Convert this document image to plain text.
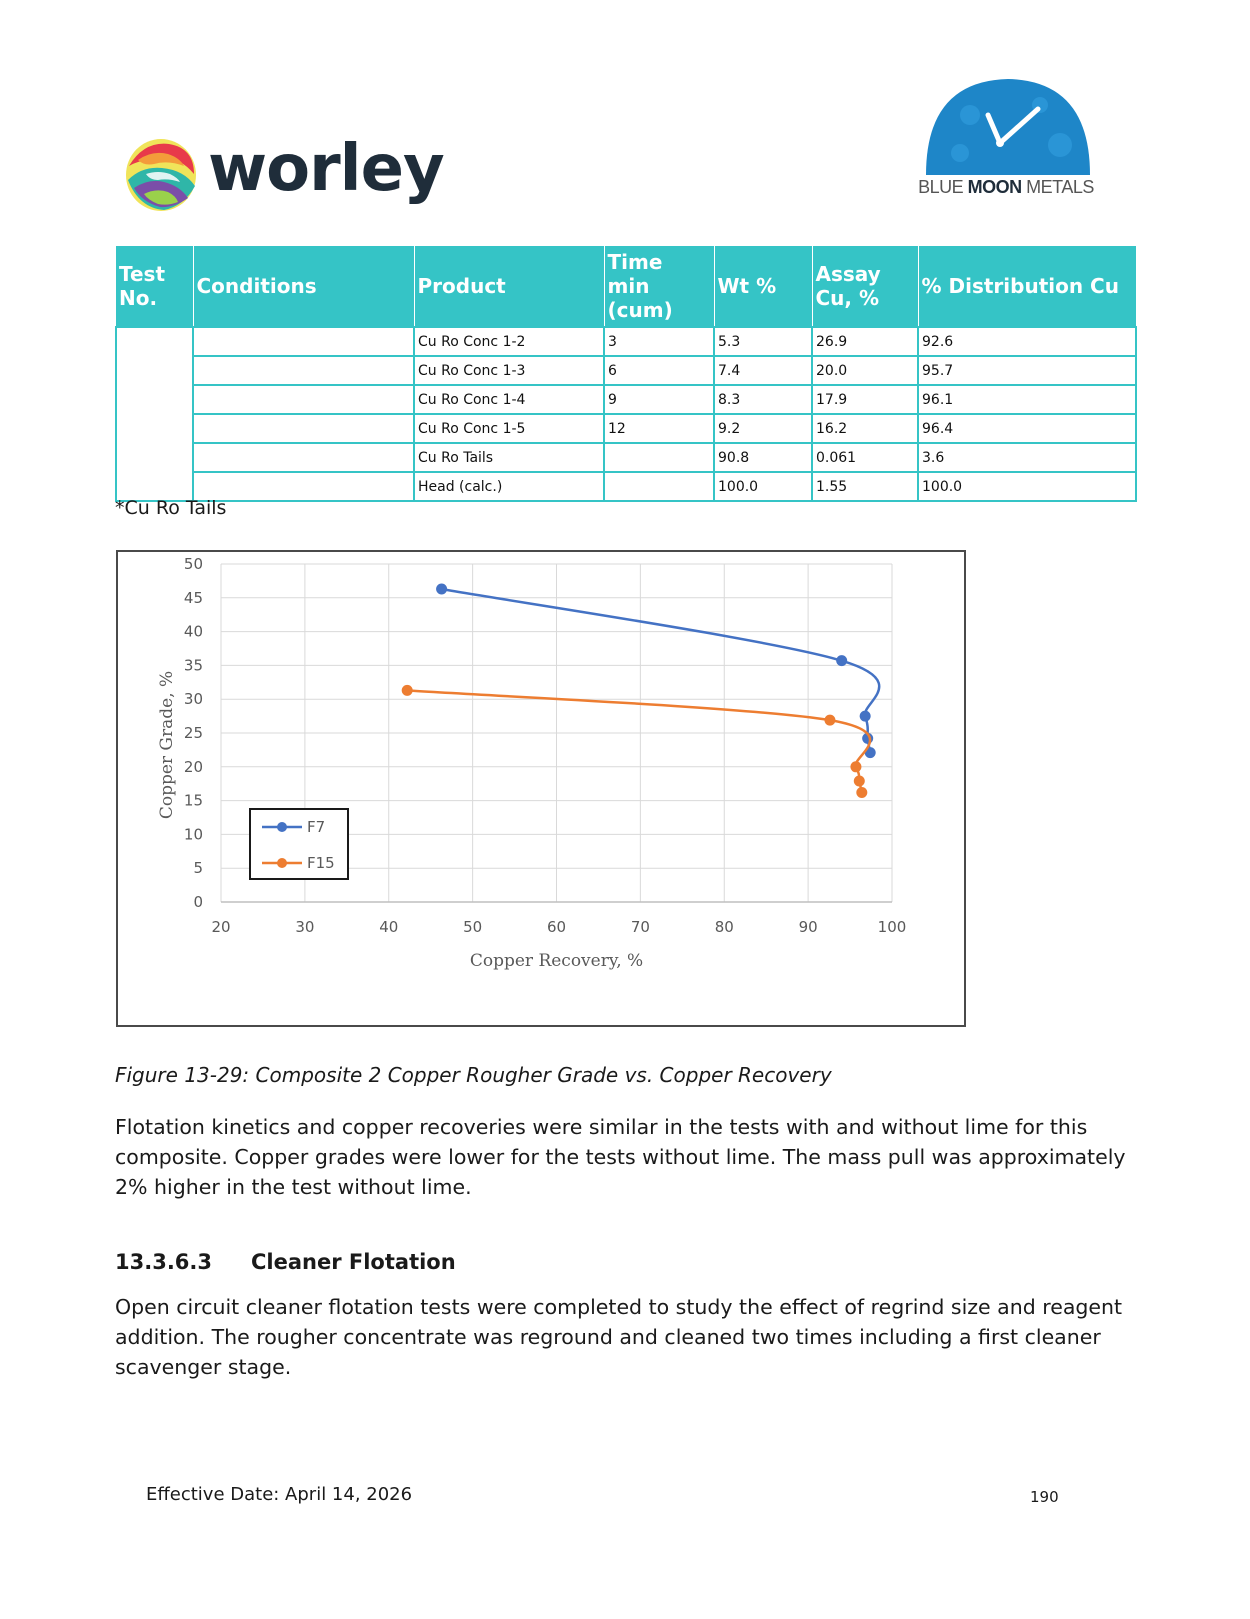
worley	BLUE MOON METALS
Test No.	Conditions	Product	Time min (cum)	Wt %	Assay Cu, %	% Distribution Cu
		Cu Ro Conc 1-2	3	5.3	26.9	92.6
		Cu Ro Conc 1-3	6	7.4	20.0	95.7
		Cu Ro Conc 1-4	9	8.3	17.9	96.1
		Cu Ro Conc 1-5	12	9.2	16.2	96.4
		Cu Ro Tails		90.8	0.061	3.6
		Head (calc.)		100.0	1.55	100.0
*Cu Ro Tails
20	30	40	50	60	70	80	90	100
0
5
10
15
20
25
30
35
40
45
50
Copper Recovery, %
Copper Grade, %
F7
F15
Figure 13-29: Composite 2 Copper Rougher Grade vs. Copper Recovery
Flotation kinetics and copper recoveries were similar in the tests with and without lime for this composite. Copper grades were lower for the tests without lime. The mass pull was approximately 2% higher in the test without lime.
13.3.6.3 Cleaner Flotation
Open circuit cleaner flotation tests were completed to study the effect of regrind size and reagent addition. The rougher concentrate was reground and cleaned two times including a first cleaner scavenger stage.
Effective Date: April 14, 2026	190
